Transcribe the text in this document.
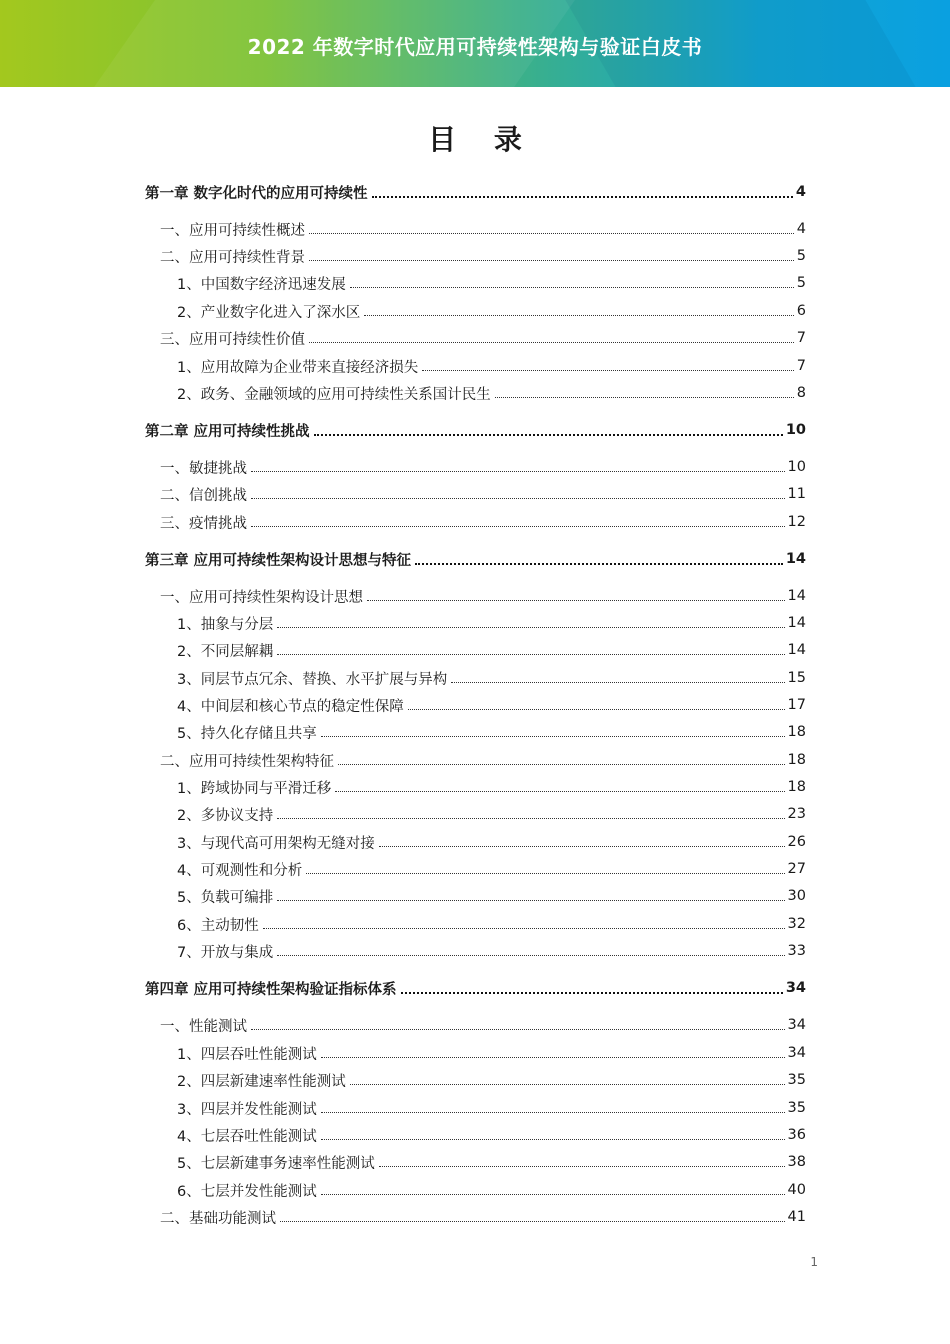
2022 年数字时代应用可持续性架构与验证白皮书
目 录
第一章 数字化时代的应用可持续性	4
一、应用可持续性概述	4
二、应用可持续性背景	5
1、中国数字经济迅速发展	5
2、产业数字化进入了深水区	6
三、应用可持续性价值	7
1、应用故障为企业带来直接经济损失	7
2、政务、金融领域的应用可持续性关系国计民生	8
第二章 应用可持续性挑战	10
一、敏捷挑战	10
二、信创挑战	11
三、疫情挑战	12
第三章 应用可持续性架构设计思想与特征	14
一、应用可持续性架构设计思想	14
1、抽象与分层	14
2、不同层解耦	14
3、同层节点冗余、替换、水平扩展与异构	15
4、中间层和核心节点的稳定性保障	17
5、持久化存储且共享	18
二、应用可持续性架构特征	18
1、跨域协同与平滑迁移	18
2、多协议支持	23
3、与现代高可用架构无缝对接	26
4、可观测性和分析	27
5、负载可编排	30
6、主动韧性	32
7、开放与集成	33
第四章 应用可持续性架构验证指标体系	34
一、性能测试	34
1、四层吞吐性能测试	34
2、四层新建速率性能测试	35
3、四层并发性能测试	35
4、七层吞吐性能测试	36
5、七层新建事务速率性能测试	38
6、七层并发性能测试	40
二、基础功能测试	41
1
